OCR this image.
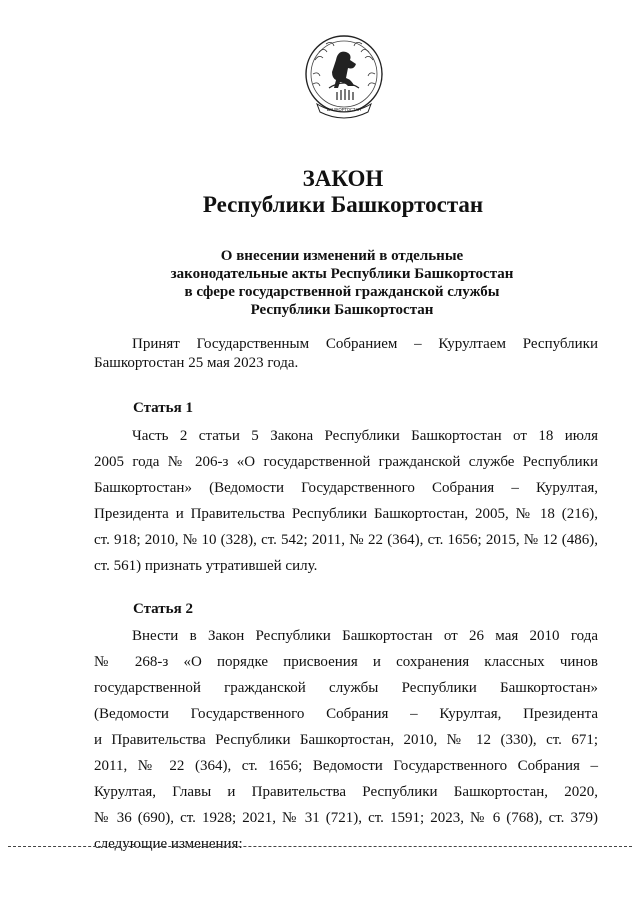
БАШКОРТОСТАН
ЗАКОН
Республики Башкортостан
О внесении изменений в отдельные
законодательные акты Республики Башкортостан
в сфере государственной гражданской службы
Республики Башкортостан
Принят Государственным Собранием – Курултаем Республики
Башкортостан 25 мая 2023 года.
Статья 1
Часть 2 статьи 5 Закона Республики Башкортостан от 18 июля
2005 года № 206-з «О государственной гражданской службе Республики
Башкортостан» (Ведомости Государственного Собрания – Курултая,
Президента и Правительства Республики Башкортостан, 2005, № 18 (216),
ст. 918; 2010, № 10 (328), ст. 542; 2011, № 22 (364), ст. 1656; 2015, № 12 (486),
ст. 561) признать утратившей силу.
Статья 2
Внести в Закон Республики Башкортостан от 26 мая 2010 года
№ 268-з «О порядке присвоения и сохранения классных чинов
государственной гражданской службы Республики Башкортостан»
(Ведомости Государственного Собрания – Курултая, Президента
и Правительства Республики Башкортостан, 2010, № 12 (330), ст. 671;
2011, № 22 (364), ст. 1656; Ведомости Государственного Собрания –
Курултая, Главы и Правительства Республики Башкортостан, 2020,
№ 36 (690), ст. 1928; 2021, № 31 (721), ст. 1591; 2023, № 6 (768), ст. 379)
следующие изменения:
